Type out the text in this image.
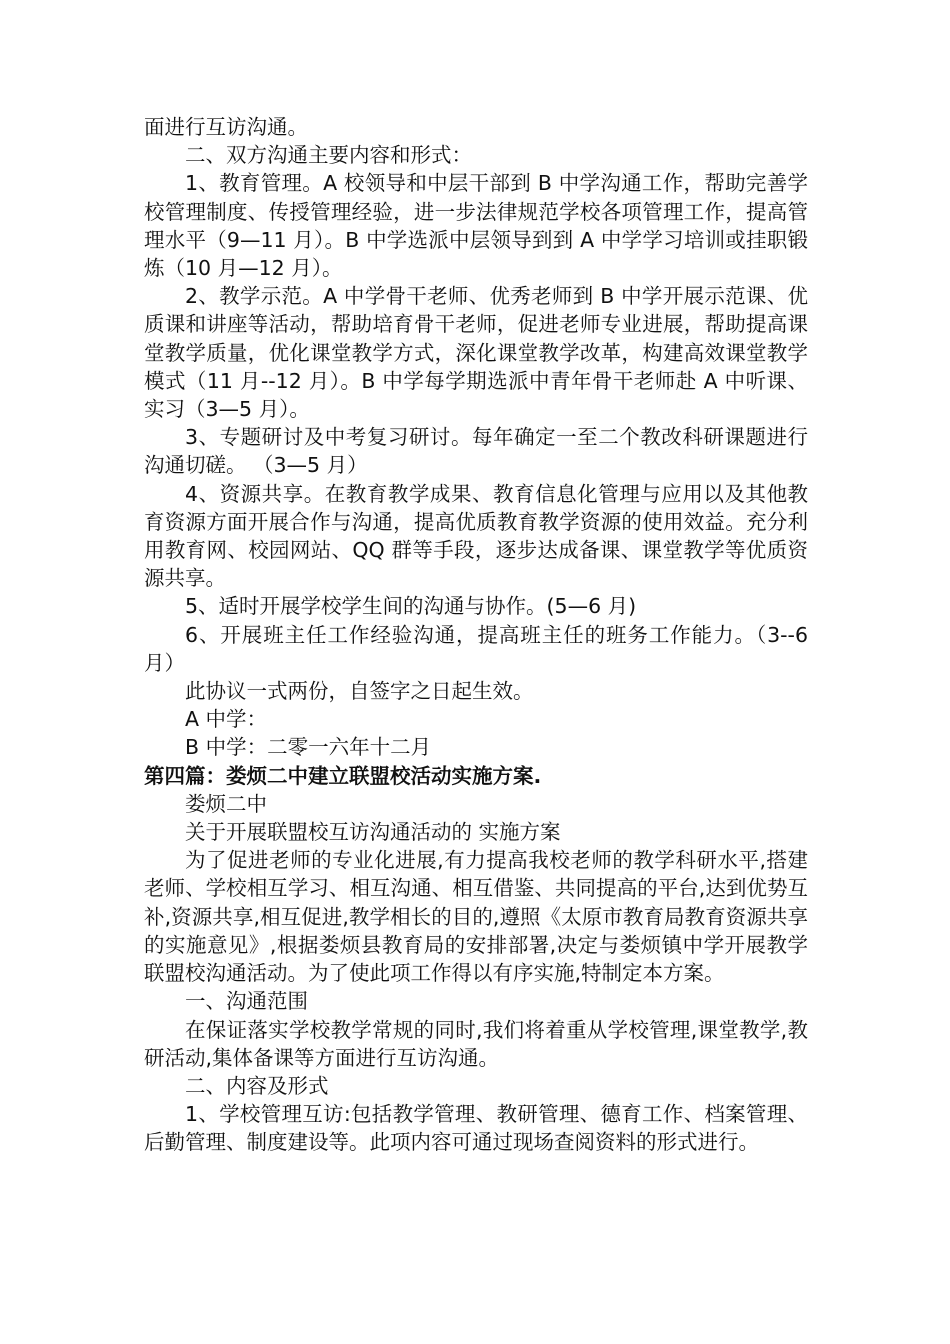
面进行互访沟通。

二、双方沟通主要内容和形式：

1、教育管理。A 校领导和中层干部到 B 中学沟通工作，帮助完善学校管理制度、传授管理经验，进一步法律规范学校各项管理工作，提高管理水平（9—11 月）。B 中学选派中层领导到到 A 中学学习培训或挂职锻炼（10 月—12 月）。

2、教学示范。A 中学骨干老师、优秀老师到 B 中学开展示范课、优质课和讲座等活动，帮助培育骨干老师，促进老师专业进展，帮助提高课堂教学质量，优化课堂教学方式，深化课堂教学改革，构建高效课堂教学模式（11 月--12 月）。B 中学每学期选派中青年骨干老师赴 A 中听课、实习（3—5 月）。

3、专题研讨及中考复习研讨。每年确定一至二个教改科研课题进行沟通切磋。 （3—5 月）

4、资源共享。在教育教学成果、教育信息化管理与应用以及其他教育资源方面开展合作与沟通，提高优质教育教学资源的使用效益。充分利用教育网、校园网站、QQ 群等手段，逐步达成备课、课堂教学等优质资源共享。

5、适时开展学校学生间的沟通与协作。(5—6 月)

6、开展班主任工作经验沟通，提高班主任的班务工作能力。（3--6 月）

此协议一式两份，自签字之日起生效。

A 中学：

B 中学：二零一六年十二月

第四篇：娄烦二中建立联盟校活动实施方案.

娄烦二中

关于开展联盟校互访沟通活动的 实施方案

为了促进老师的专业化进展,有力提高我校老师的教学科研水平,搭建老师、学校相互学习、相互沟通、相互借鉴、共同提高的平台,达到优势互补,资源共享,相互促进,教学相长的目的,遵照《太原市教育局教育资源共享的实施意见》,根据娄烦县教育局的安排部署,决定与娄烦镇中学开展教学联盟校沟通活动。为了使此项工作得以有序实施,特制定本方案。

一、沟通范围

在保证落实学校教学常规的同时,我们将着重从学校管理,课堂教学,教研活动,集体备课等方面进行互访沟通。

二、内容及形式

1、学校管理互访:包括教学管理、教研管理、德育工作、档案管理、后勤管理、制度建设等。此项内容可通过现场查阅资料的形式进行。
